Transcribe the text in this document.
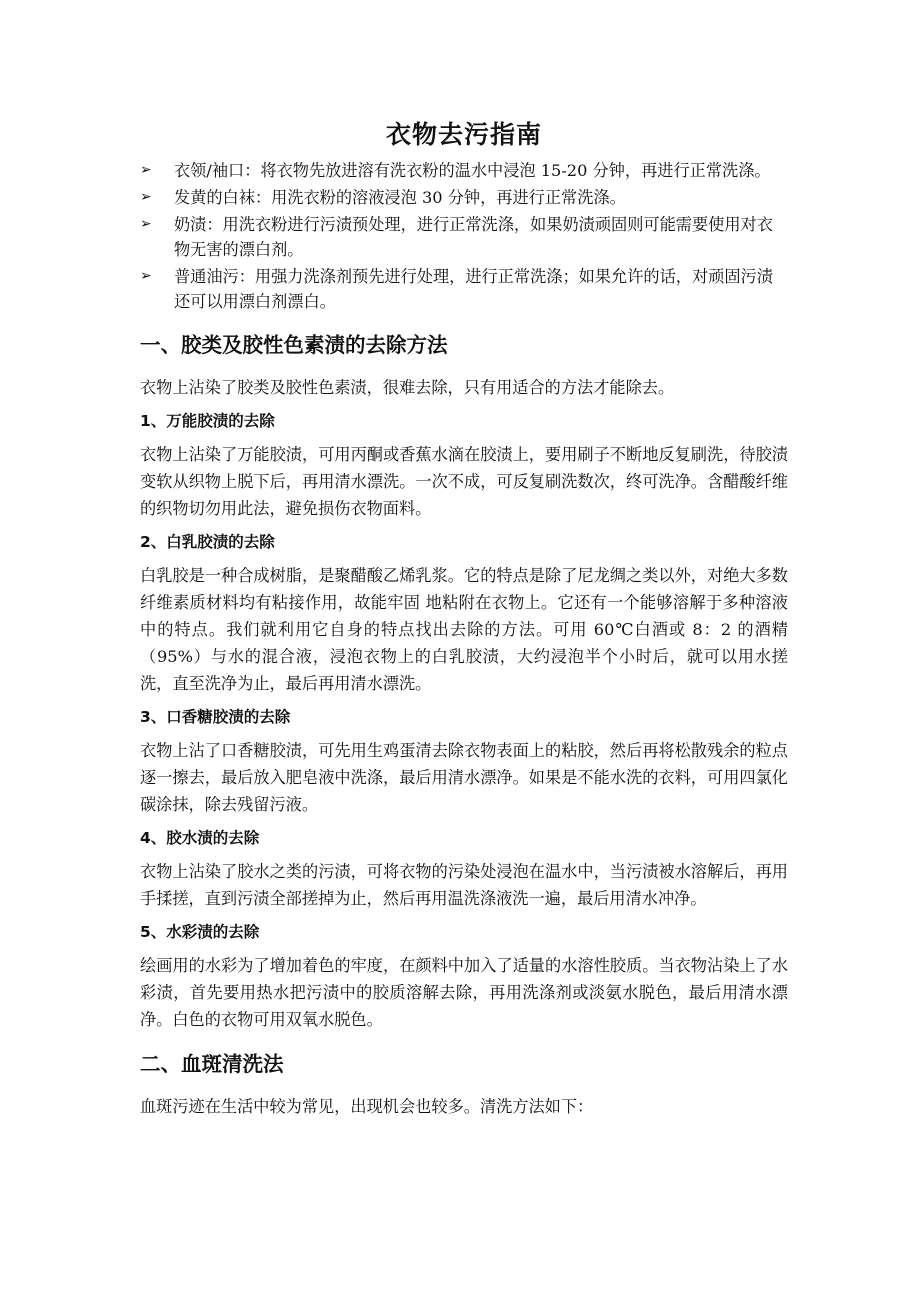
衣物去污指南
➢ 衣领/袖口：将衣物先放进溶有洗衣粉的温水中浸泡 15-20 分钟，再进行正常洗涤。
➢ 发黄的白袜：用洗衣粉的溶液浸泡 30 分钟，再进行正常洗涤。
➢ 奶渍：用洗衣粉进行污渍预处理，进行正常洗涤，如果奶渍顽固则可能需要使用对衣物无害的漂白剂。
➢ 普通油污：用强力洗涤剂预先进行处理，进行正常洗涤；如果允许的话，对顽固污渍还可以用漂白剂漂白。
一、胶类及胶性色素渍的去除方法

衣物上沾染了胶类及胶性色素渍，很难去除，只有用适合的方法才能除去。

1、万能胶渍的去除

衣物上沾染了万能胶渍，可用丙酮或香蕉水滴在胶渍上，要用刷子不断地反复刷洗，待胶渍变软从织物上脱下后，再用清水漂洗。一次不成，可反复刷洗数次，终可洗净。含醋酸纤维的织物切勿用此法，避免损伤衣物面料。

2、白乳胶渍的去除

白乳胶是一种合成树脂，是聚醋酸乙烯乳浆。它的特点是除了尼龙绸之类以外，对绝大多数纤维素质材料均有粘接作用，故能牢固 地粘附在衣物上。它还有一个能够溶解于多种溶液中的特点。我们就利用它自身的特点找出去除的方法。可用 60℃白酒或 8：2 的酒精（95%）与水的混合液，浸泡衣物上的白乳胶渍，大约浸泡半个小时后，就可以用水搓洗，直至洗净为止，最后再用清水漂洗。

3、口香糖胶渍的去除

衣物上沾了口香糖胶渍，可先用生鸡蛋清去除衣物表面上的粘胶，然后再将松散残余的粒点逐一擦去，最后放入肥皂液中洗涤，最后用清水漂净。如果是不能水洗的衣料，可用四氯化碳涂抹，除去残留污液。

4、胶水渍的去除

衣物上沾染了胶水之类的污渍，可将衣物的污染处浸泡在温水中，当污渍被水溶解后，再用手揉搓，直到污渍全部搓掉为止，然后再用温洗涤液洗一遍，最后用清水冲净。

5、水彩渍的去除

绘画用的水彩为了增加着色的牢度，在颜料中加入了适量的水溶性胶质。当衣物沾染上了水彩渍，首先要用热水把污渍中的胶质溶解去除，再用洗涤剂或淡氨水脱色，最后用清水漂净。白色的衣物可用双氧水脱色。

二、血斑清洗法

血斑污迹在生活中较为常见，出现机会也较多。清洗方法如下：
